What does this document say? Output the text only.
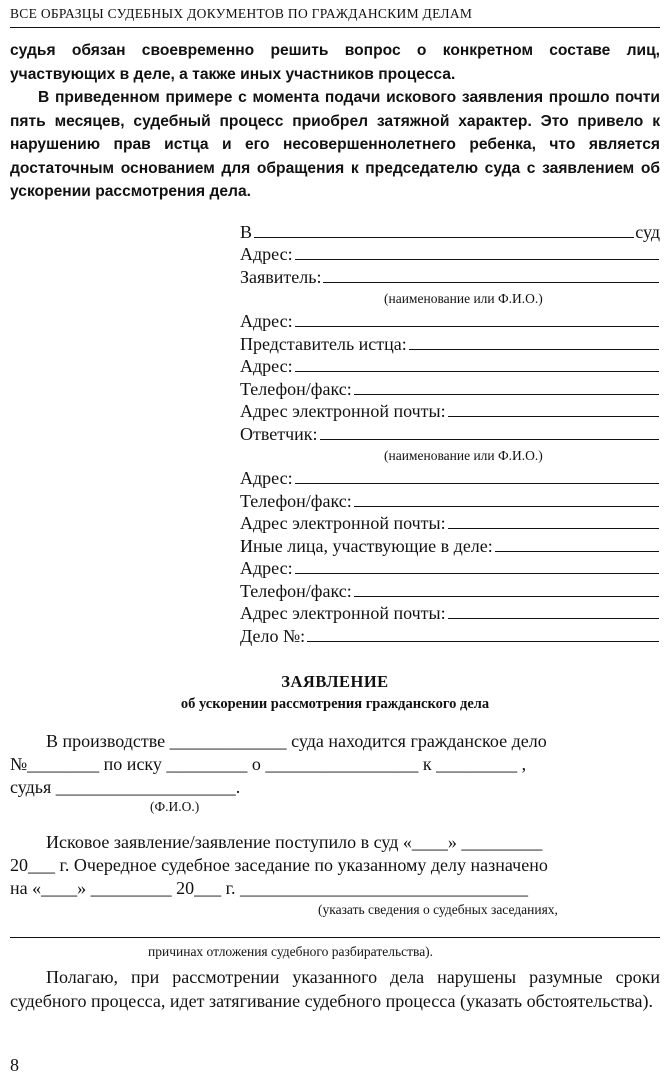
ВСЕ ОБРАЗЦЫ СУДЕБНЫХ ДОКУМЕНТОВ ПО ГРАЖДАНСКИМ ДЕЛАМ

судья обязан своевременно решить вопрос о конкретном составе лиц, участвующих в деле, а также иных участников процесса.

В приведенном примере с момента подачи искового заявления прошло почти пять месяцев, судебный процесс приобрел затяжной характер. Это привело к нарушению прав истца и его несовершеннолетнего ребенка, что является достаточным основанием для обращения к председателю суда с заявлением об ускорении рассмотрения дела.

В	суд
Адрес:
Заявитель:
(наименование или Ф.И.О.)
Адрес:
Представитель истца:
Адрес:
Телефон/факс:
Адрес электронной почты:
Ответчик:
(наименование или Ф.И.О.)
Адрес:
Телефон/факс:
Адрес электронной почты:
Иные лица, участвующие в деле:
Адрес:
Телефон/факс:
Адрес электронной почты:
Дело №:
ЗАЯВЛЕНИЕ
об ускорении рассмотрения гражданского дела
В производстве _____________ суда находится гражданское дело
№________ по иску _________ о _________________ к _________ ,
судья ____________________.
(Ф.И.О.)
Исковое заявление/заявление поступило в суд «____» _________
20___ г. Очередное судебное заседание по указанному делу назначено
на «____» _________ 20___ г. ________________________________
(указать сведения о судебных заседаниях,
причинах отложения судебного разбирательства).
Полагаю, при рассмотрении указанного дела нарушены разумные сроки судебного процесса, идет затягивание судебного процесса (указать обстоятельства).
8
